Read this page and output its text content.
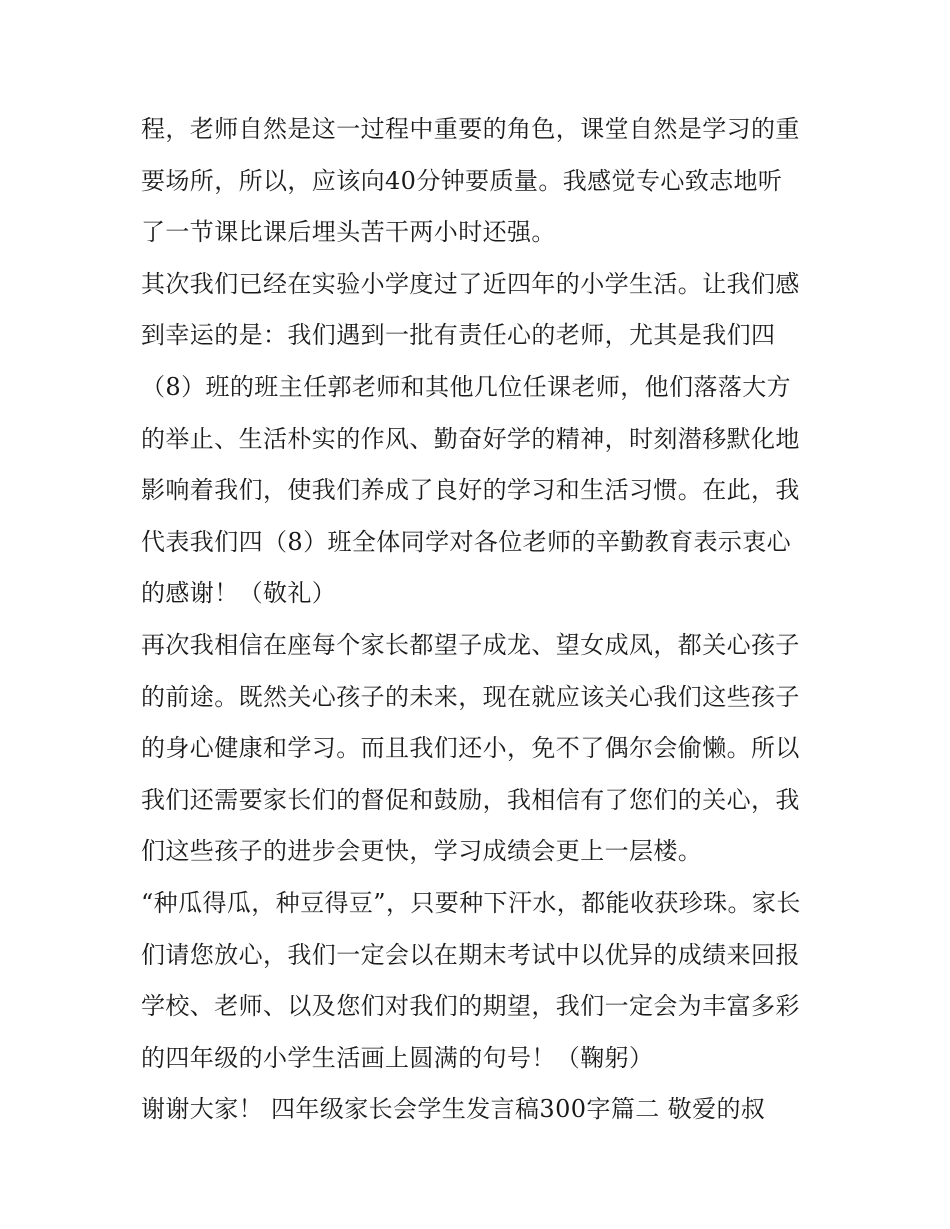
程，老师自然是这一过程中重要的角色，课堂自然是学习的重
要场所，所以，应该向40分钟要质量。我感觉专心致志地听
了一节课比课后埋头苦干两小时还强。
其次我们已经在实验小学度过了近四年的小学生活。让我们感
到幸运的是：我们遇到一批有责任心的老师，尤其是我们四
（8）班的班主任郭老师和其他几位任课老师，他们落落大方
的举止、生活朴实的作风、勤奋好学的精神，时刻潜移默化地
影响着我们，使我们养成了良好的学习和生活习惯。在此，我
代表我们四（8）班全体同学对各位老师的辛勤教育表示衷心
的感谢！（敬礼）
再次我相信在座每个家长都望子成龙、望女成凤，都关心孩子
的前途。既然关心孩子的未来，现在就应该关心我们这些孩子
的身心健康和学习。而且我们还小，免不了偶尔会偷懒。所以
我们还需要家长们的督促和鼓励，我相信有了您们的关心，我
们这些孩子的进步会更快，学习成绩会更上一层楼。
“种瓜得瓜，种豆得豆”，只要种下汗水，都能收获珍珠。家长
们请您放心，我们一定会以在期末考试中以优异的成绩来回报
学校、老师、以及您们对我们的期望，我们一定会为丰富多彩
的四年级的小学生活画上圆满的句号！（鞠躬）
谢谢大家！ 四年级家长会学生发言稿300字篇二 敬爱的叔
